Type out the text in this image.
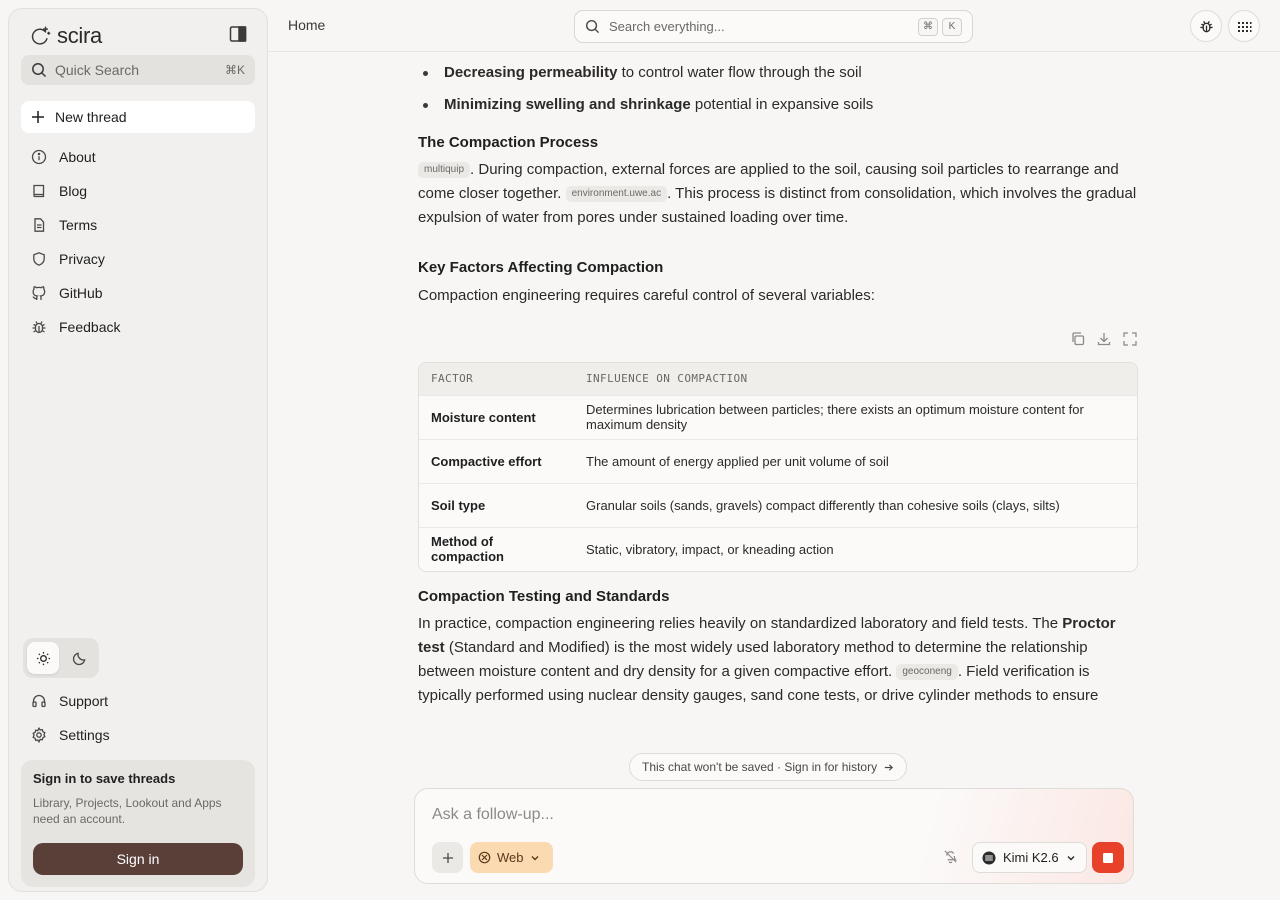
scira
Quick Search	⌘K
New thread
About
Blog
Terms
Privacy
GitHub
Feedback
Support
Settings
Sign in to save threads
Library, Projects, Lookout and Apps need an account.
Sign in
Home	Search everything...	⌘	K
Decreasing permeability to control water flow through the soil
Minimizing swelling and shrinkage potential in expansive soils
The Compaction Process

multiquip . During compaction, external forces are applied to the soil, causing soil particles to rearrange and come closer together. environment.uwe.ac . This process is distinct from consolidation, which involves the gradual expulsion of water from pores under sustained loading over time.

Key Factors Affecting Compaction

Compaction engineering requires careful control of several variables:

FACTOR	INFLUENCE ON COMPACTION
Moisture content	Determines lubrication between particles; there exists an optimum moisture content for maximum density
Compactive effort	The amount of energy applied per unit volume of soil
Soil type	Granular soils (sands, gravels) compact differently than cohesive soils (clays, silts)
Method of compaction	Static, vibratory, impact, or kneading action
Compaction Testing and Standards

In practice, compaction engineering relies heavily on standardized laboratory and field tests. The Proctor test (Standard and Modified) is the most widely used laboratory method to determine the relationship between moisture content and dry density for a given compactive effort. geoconeng . Field verification is typically performed using nuclear density gauges, sand cone tests, or drive cylinder methods to ensure

This chat won't be saved · Sign in for history
Ask a follow-up...
Web	Kimi K2.6
